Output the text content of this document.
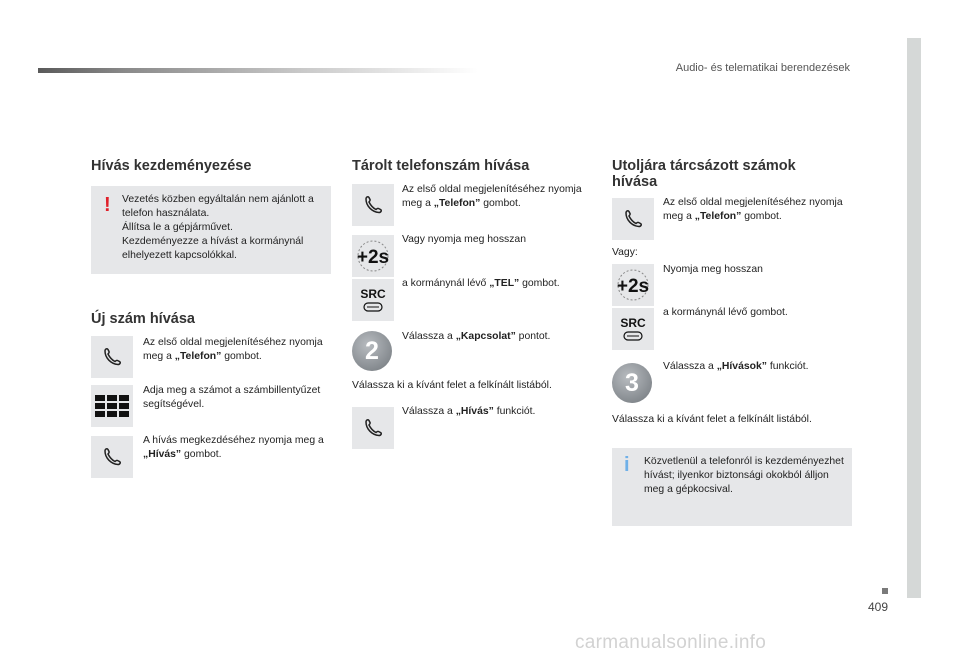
Audio- és telematikai berendezések
409
Hívás kezdeményezése
! Vezetés közben egyáltalán nem ajánlott a telefon használata.
Állítsa le a gépjárművet.
Kezdeményezze a hívást a kormánynál elhelyezett kapcsolókkal.
Új szám hívása
Az első oldal megjelenítéséhez nyomja meg a „Telefon” gombot.
Adja meg a számot a számbillentyűzet segítségével.
A hívás megkezdéséhez nyomja meg a „Hívás” gombot.
Tárolt telefonszám hívása
Az első oldal megjelenítéséhez nyomja meg a „Telefon” gombot.
+2s
Vagy nyomja meg hosszan
SRC
a kormánynál lévő „TEL” gombot.
2	Válassza a „Kapcsolat” pontot.
Válassza ki a kívánt felet a felkínált listából.
Válassza a „Hívás” funkciót.
Utoljára tárcsázott számok hívása
Az első oldal megjelenítéséhez nyomja meg a „Telefon” gombot.
Vagy:
+2s
Nyomja meg hosszan
SRC
a kormánynál lévő gombot.
3
Válassza a „Hívások” funkciót.
Válassza ki a kívánt felet a felkínált listából.
i Közvetlenül a telefonról is kezdeményezhet hívást; ilyenkor biztonsági okokból álljon meg a gépkocsival.
carmanualsonline.info
